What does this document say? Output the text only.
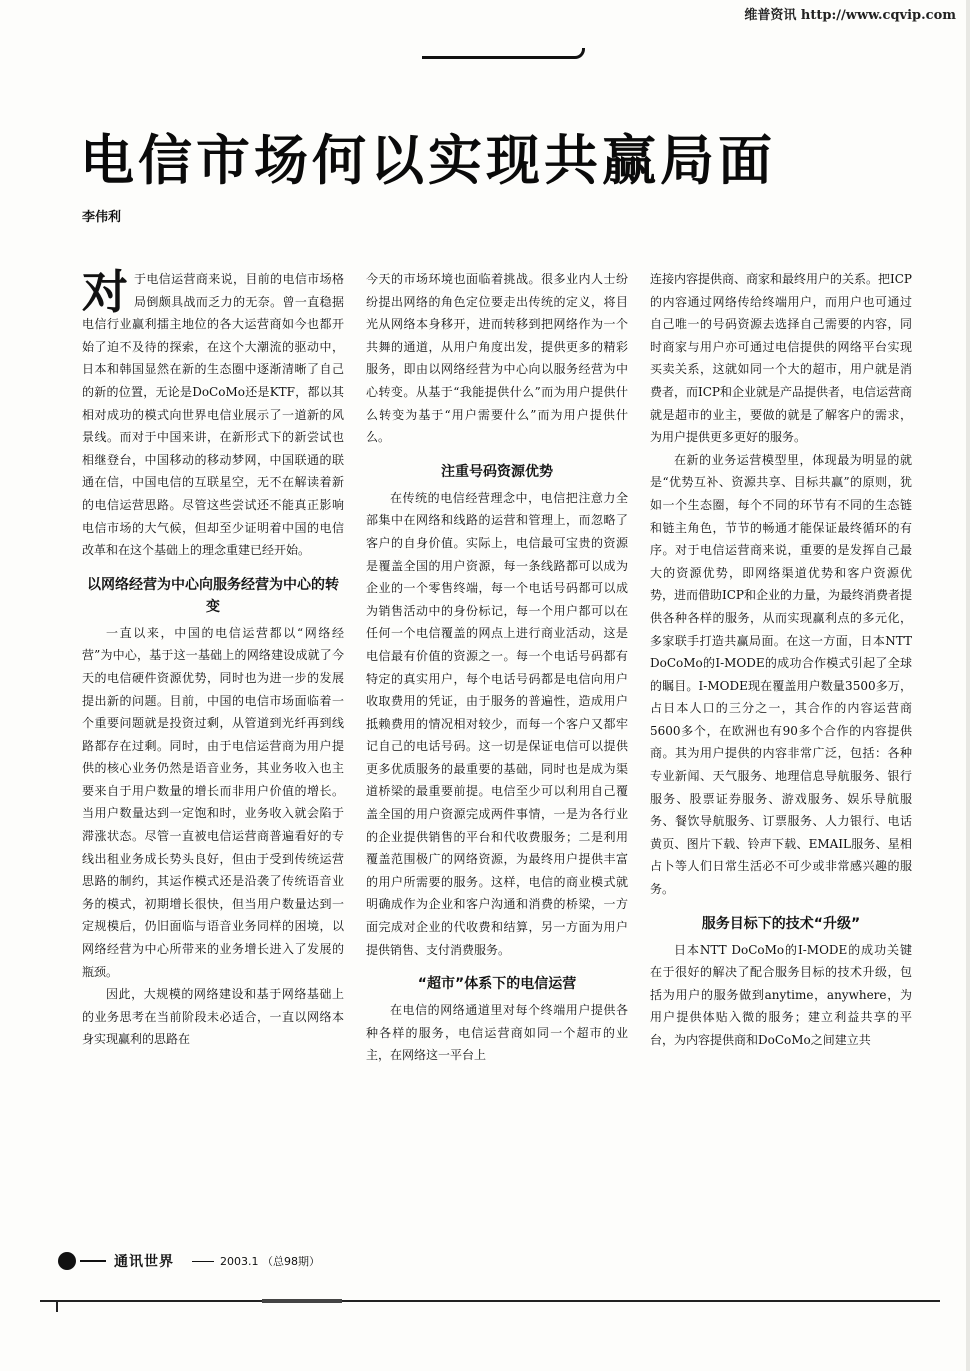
维普资讯 http://www.cqvip.com
电信市场何以实现共赢局面
李伟利

对于电信运营商来说，目前的电信市场格局倒颇具战而乏力的无奈。曾一直稳据电信行业赢利擂主地位的各大运营商如今也都开始了迫不及待的探索，在这个大潮流的驱动中，日本和韩国显然在新的生态圈中逐渐清晰了自己的新的位置，无论是DoCoMo还是KTF，都以其相对成功的模式向世界电信业展示了一道新的风景线。而对于中国来讲，在新形式下的新尝试也相继登台，中国移动的移动梦网，中国联通的联通在信，中国电信的互联星空，无不在解读着新的电信运营思路。尽管这些尝试还不能真正影响电信市场的大气候，但却至少证明着中国的电信改革和在这个基础上的理念重建已经开始。

以网络经营为中心向服务经营为中心的转变

一直以来，中国的电信运营都以“网络经营”为中心，基于这一基础上的网络建设成就了今天的电信硬件资源优势，同时也为进一步的发展提出新的问题。目前，中国的电信市场面临着一个重要问题就是投资过剩，从管道到光纤再到线路都存在过剩。同时，由于电信运营商为用户提供的核心业务仍然是语音业务，其业务收入也主要来自于用户数量的增长而非用户价值的增长。当用户数量达到一定饱和时，业务收入就会陷于滞涨状态。尽管一直被电信运营商普遍看好的专线出租业务成长势头良好，但由于受到传统运营思路的制约，其运作模式还是沿袭了传统语音业务的模式，初期增长很快，但当用户数量达到一定规模后，仍旧面临与语音业务同样的困境，以网络经营为中心所带来的业务增长进入了发展的瓶颈。

因此，大规模的网络建设和基于网络基础上的业务思考在当前阶段未必适合，一直以网络本身实现赢利的思路在

今天的市场环境也面临着挑战。很多业内人士纷纷提出网络的角色定位要走出传统的定义，将目光从网络本身移开，进而转移到把网络作为一个共舞的通道，从用户角度出发，提供更多的精彩服务，即由以网络经营为中心向以服务经营为中心转变。从基于“我能提供什么”而为用户提供什么转变为基于“用户需要什么”而为用户提供什么。

注重号码资源优势

在传统的电信经营理念中，电信把注意力全部集中在网络和线路的运营和管理上，而忽略了客户的自身价值。实际上，电信最可宝贵的资源是覆盖全国的用户资源，每一条线路都可以成为企业的一个零售终端，每一个电话号码都可以成为销售活动中的身份标记，每一个用户都可以在任何一个电信覆盖的网点上进行商业活动，这是电信最有价值的资源之一。每一个电话号码都有特定的真实用户，每个电话号码都是电信向用户收取费用的凭证，由于服务的普遍性，造成用户抵赖费用的情况相对较少，而每一个客户又都牢记自己的电话号码。这一切是保证电信可以提供更多优质服务的最重要的基础，同时也是成为渠道桥梁的最重要前提。电信至少可以利用自己覆盖全国的用户资源完成两件事情，一是为各行业的企业提供销售的平台和代收费服务；二是利用覆盖范围极广的网络资源，为最终用户提供丰富的用户所需要的服务。这样，电信的商业模式就明确成作为企业和客户沟通和消费的桥梁，一方面完成对企业的代收费和结算，另一方面为用户提供销售、支付消费服务。

“超市”体系下的电信运营

在电信的网络通道里对每个终端用户提供各种各样的服务，电信运营商如同一个超市的业主，在网络这一平台上

连接内容提供商、商家和最终用户的关系。把ICP的内容通过网络传给终端用户，而用户也可通过自己唯一的号码资源去选择自己需要的内容，同时商家与用户亦可通过电信提供的网络平台实现买卖关系，这就如同一个大的超市，用户就是消费者，而ICP和企业就是产品提供者，电信运营商就是超市的业主，要做的就是了解客户的需求，为用户提供更多更好的服务。

在新的业务运营模型里，体现最为明显的就是“优势互补、资源共享、目标共赢”的原则，犹如一个生态圈，每个不同的环节有不同的生态链和链主角色，节节的畅通才能保证最终循环的有序。对于电信运营商来说，重要的是发挥自己最大的资源优势，即网络渠道优势和客户资源优势，进而借助ICP和企业的力量，为最终消费者提供各种各样的服务，从而实现赢利点的多元化，多家联手打造共赢局面。在这一方面，日本NTT DoCoMo的I-MODE的成功合作模式引起了全球的瞩目。I-MODE现在覆盖用户数量3500多万，占日本人口的三分之一，其合作的内容运营商5600多个，在欧洲也有90多个合作的内容提供商。其为用户提供的内容非常广泛，包括：各种专业新闻、天气服务、地理信息导航服务、银行服务、股票证券服务、游戏服务、娱乐导航服务、餐饮导航服务、订票服务、人力银行、电话黄页、图片下载、铃声下载、EMAIL服务、星相占卜等人们日常生活必不可少或非常感兴趣的服务。

服务目标下的技术“升级”

日本NTT DoCoMo的I-MODE的成功关键在于很好的解决了配合服务目标的技术升级，包括为用户的服务做到anytime，anywhere，为用户提供体贴入微的服务；建立利益共享的平台，为内容提供商和DoCoMo之间建立共

通讯世界	2003.1 （总98期）
